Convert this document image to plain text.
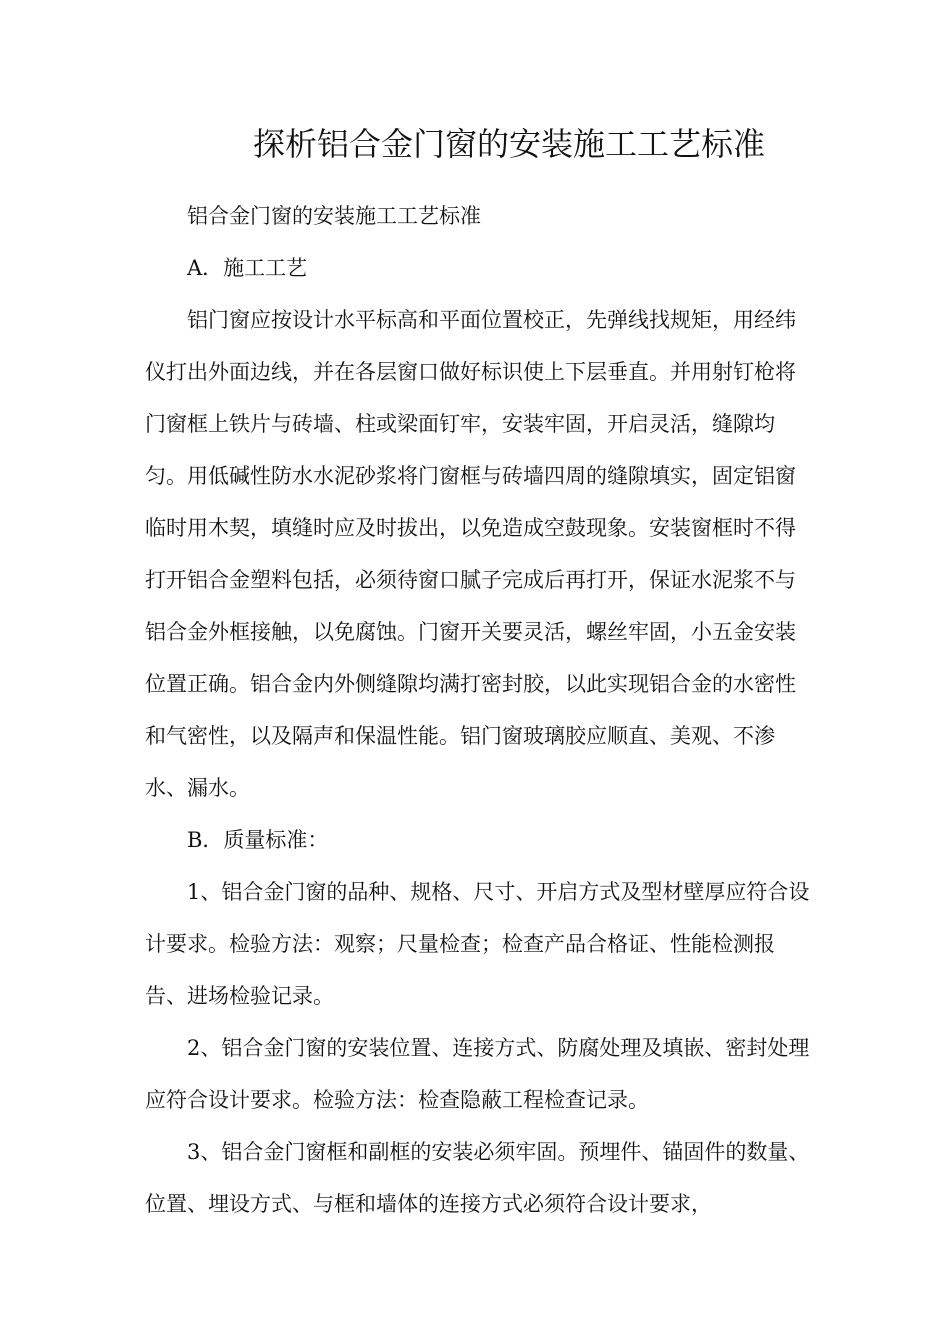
探析铝合金门窗的安装施工工艺标准

铝合金门窗的安装施工工艺标准

A．施工工艺

铝门窗应按设计水平标高和平面位置校正，先弹线找规矩，用经纬仪打出外面边线，并在各层窗口做好标识使上下层垂直。并用射钉枪将门窗框上铁片与砖墙、柱或梁面钉牢，安装牢固，开启灵活，缝隙均匀。用低碱性防水水泥砂浆将门窗框与砖墙四周的缝隙填实，固定铝窗临时用木契，填缝时应及时拔出，以免造成空鼓现象。安装窗框时不得打开铝合金塑料包括，必须待窗口腻子完成后再打开，保证水泥浆不与铝合金外框接触，以免腐蚀。门窗开关要灵活，螺丝牢固，小五金安装位置正确。铝合金内外侧缝隙均满打密封胶，以此实现铝合金的水密性和气密性，以及隔声和保温性能。铝门窗玻璃胶应顺直、美观、不渗水、漏水。

B．质量标准：

1、铝合金门窗的品种、规格、尺寸、开启方式及型材壁厚应符合设计要求。检验方法：观察；尺量检查；检查产品合格证、性能检测报告、进场检验记录。

2、铝合金门窗的安装位置、连接方式、防腐处理及填嵌、密封处理应符合设计要求。检验方法：检查隐蔽工程检查记录。

3、铝合金门窗框和副框的安装必须牢固。预埋件、锚固件的数量、位置、埋设方式、与框和墙体的连接方式必须符合设计要求，
